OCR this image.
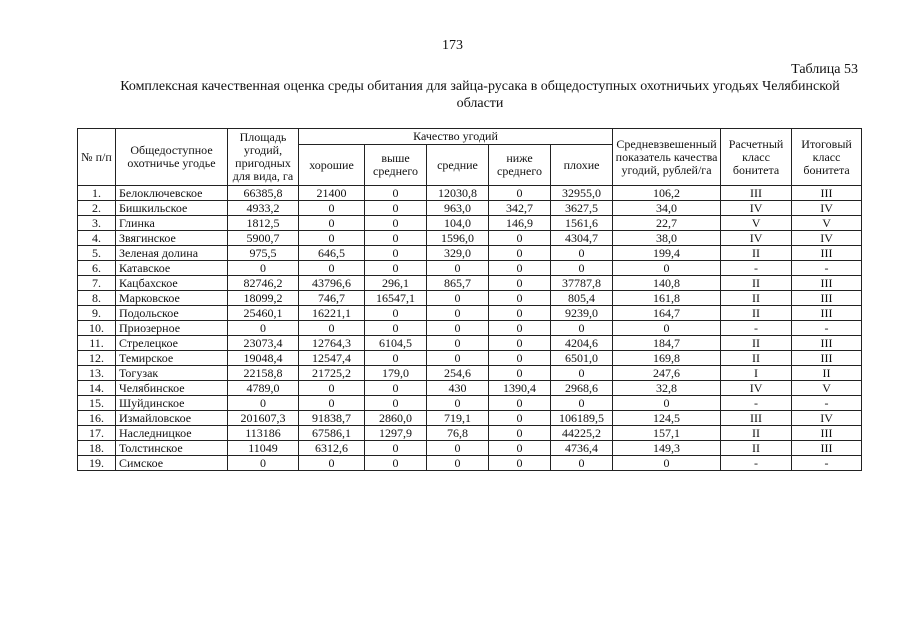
173
Таблица 53
Комплексная качественная оценка среды обитания для зайца-русака в общедоступных охотничьих угодьях Челябинской области
№ п/п	Общедоступное охотничье угодье	Площадь угодий, пригодных для вида, га	Качество угодий					Средневзвешенный показатель качества угодий, рублей/га	Расчетный класс бонитета	Итоговый класс бонитета
			хорошие	выше среднего	средние	ниже среднего	плохие			
1.	Белоключевское	66385,8	21400	0	12030,8	0	32955,0	106,2	III	III
2.	Бишкильское	4933,2	0	0	963,0	342,7	3627,5	34,0	IV	IV
3.	Глинка	1812,5	0	0	104,0	146,9	1561,6	22,7	V	V
4.	Звягинское	5900,7	0	0	1596,0	0	4304,7	38,0	IV	IV
5.	Зеленая долина	975,5	646,5	0	329,0	0	0	199,4	II	III
6.	Катавское	0	0	0	0	0	0	0	-	-
7.	Кацбахское	82746,2	43796,6	296,1	865,7	0	37787,8	140,8	II	III
8.	Марковское	18099,2	746,7	16547,1	0	0	805,4	161,8	II	III
9.	Подольское	25460,1	16221,1	0	0	0	9239,0	164,7	II	III
10.	Приозерное	0	0	0	0	0	0	0	-	-
11.	Стрелецкое	23073,4	12764,3	6104,5	0	0	4204,6	184,7	II	III
12.	Темирское	19048,4	12547,4	0	0	0	6501,0	169,8	II	III
13.	Тогузак	22158,8	21725,2	179,0	254,6	0	0	247,6	I	II
14.	Челябинское	4789,0	0	0	430	1390,4	2968,6	32,8	IV	V
15.	Шуйдинское	0	0	0	0	0	0	0	-	-
16.	Измайловское	201607,3	91838,7	2860,0	719,1	0	106189,5	124,5	III	IV
17.	Наследницкое	113186	67586,1	1297,9	76,8	0	44225,2	157,1	II	III
18.	Толстинское	11049	6312,6	0	0	0	4736,4	149,3	II	III
19.	Симское	0	0	0	0	0	0	0	-	-
